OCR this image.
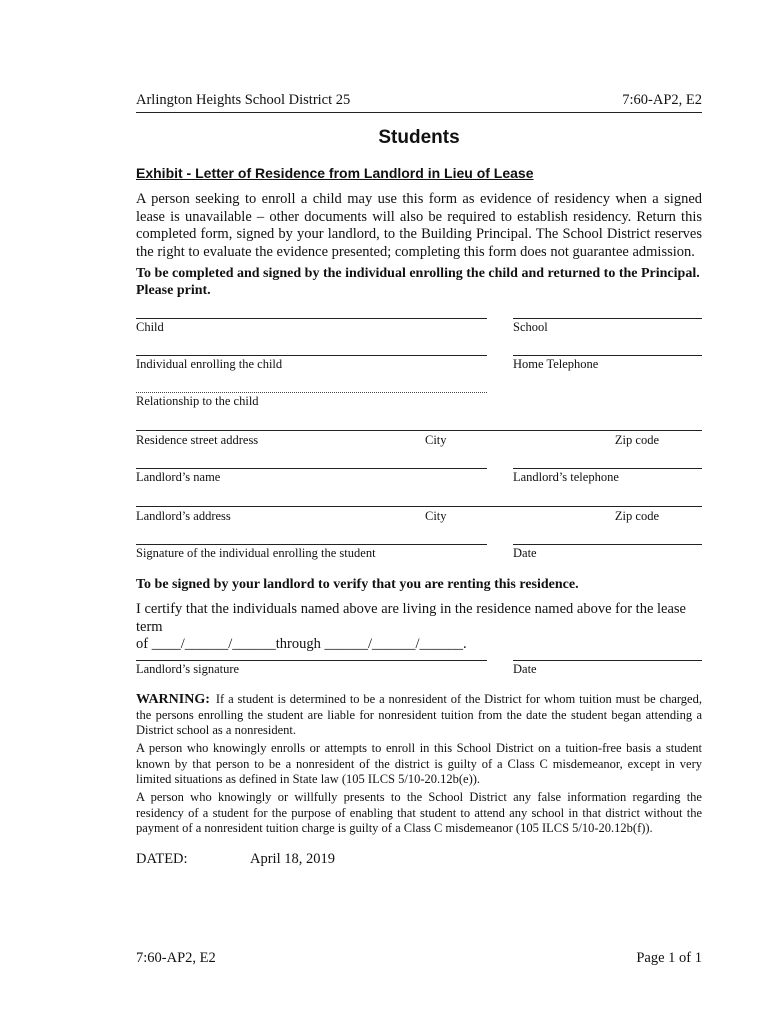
Arlington Heights School District 25	7:60-AP2, E2
Students
Exhibit - Letter of Residence from Landlord in Lieu of Lease

A person seeking to enroll a child may use this form as evidence of residency when a signed lease is unavailable – other documents will also be required to establish residency. Return this completed form, signed by your landlord, to the Building Principal. The School District reserves the right to evaluate the evidence presented; completing this form does not guarantee admission.

To be completed and signed by the individual enrolling the child and returned to the Principal. Please print.

Child	School
Individual enrolling the child	Home Telephone
Relationship to the child
Residence street address	City	Zip code
Landlord’s name	Landlord’s telephone
Landlord’s address	City	Zip code
Signature of the individual enrolling the student	Date
To be signed by your landlord to verify that you are renting this residence.

I certify that the individuals named above are living in the residence named above for the lease term
of ____/______/______through ______/______/______.

Landlord’s signature	Date

WARNING: If a student is determined to be a nonresident of the District for whom tuition must be charged, the persons enrolling the student are liable for nonresident tuition from the date the student began attending a District school as a nonresident.

A person who knowingly enrolls or attempts to enroll in this School District on a tuition-free basis a student known by that person to be a nonresident of the district is guilty of a Class C misdemeanor, except in very limited situations as defined in State law (105 ILCS 5/10-20.12b(e)).

A person who knowingly or willfully presents to the School District any false information regarding the residency of a student for the purpose of enabling that student to attend any school in that district without the payment of a nonresident tuition charge is guilty of a Class C misdemeanor (105 ILCS 5/10-20.12b(f)).

DATED:	April 18, 2019
7:60-AP2, E2	Page 1 of 1
